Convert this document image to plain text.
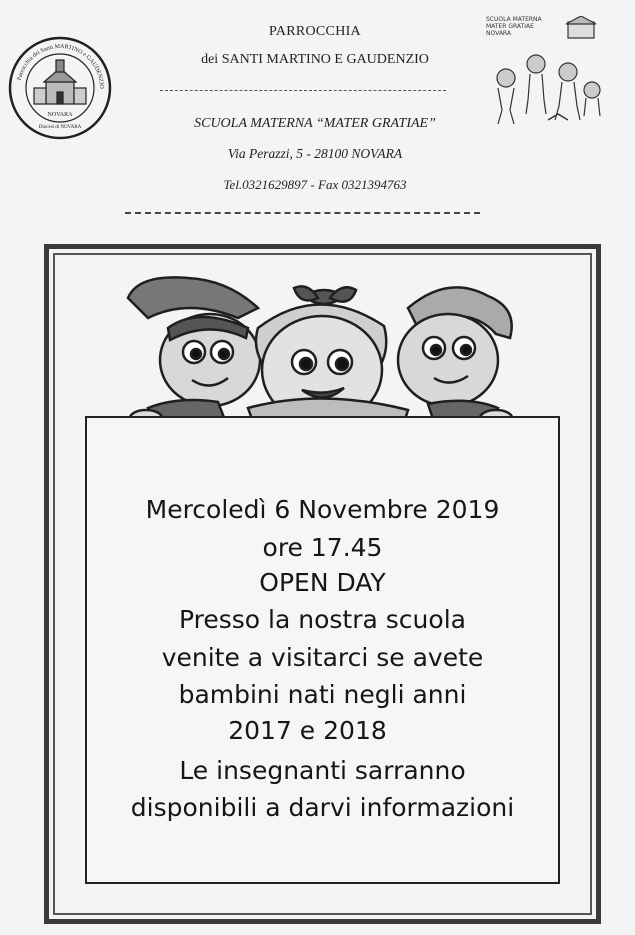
Parrocchia dei Santi MARTINO e GAUDENZIO
NOVARA
Diocesi di NOVARA
PARROCCHIA
dei SANTI MARTINO E GAUDENZIO
SCUOLA MATERNA “MATER GRATIAE”
Via Perazzi, 5 - 28100 NOVARA
Tel.0321629897 - Fax 0321394763
SCUOLA MATERNA
MATER GRATIAE
NOVARA
Mercoledì 6 Novembre 2019
ore 17.45
OPEN DAY
Presso la nostra scuola
venite a visitarci se avete
bambini nati negli anni
2017 e 2018
Le insegnanti sarranno
disponibili a darvi informazioni
